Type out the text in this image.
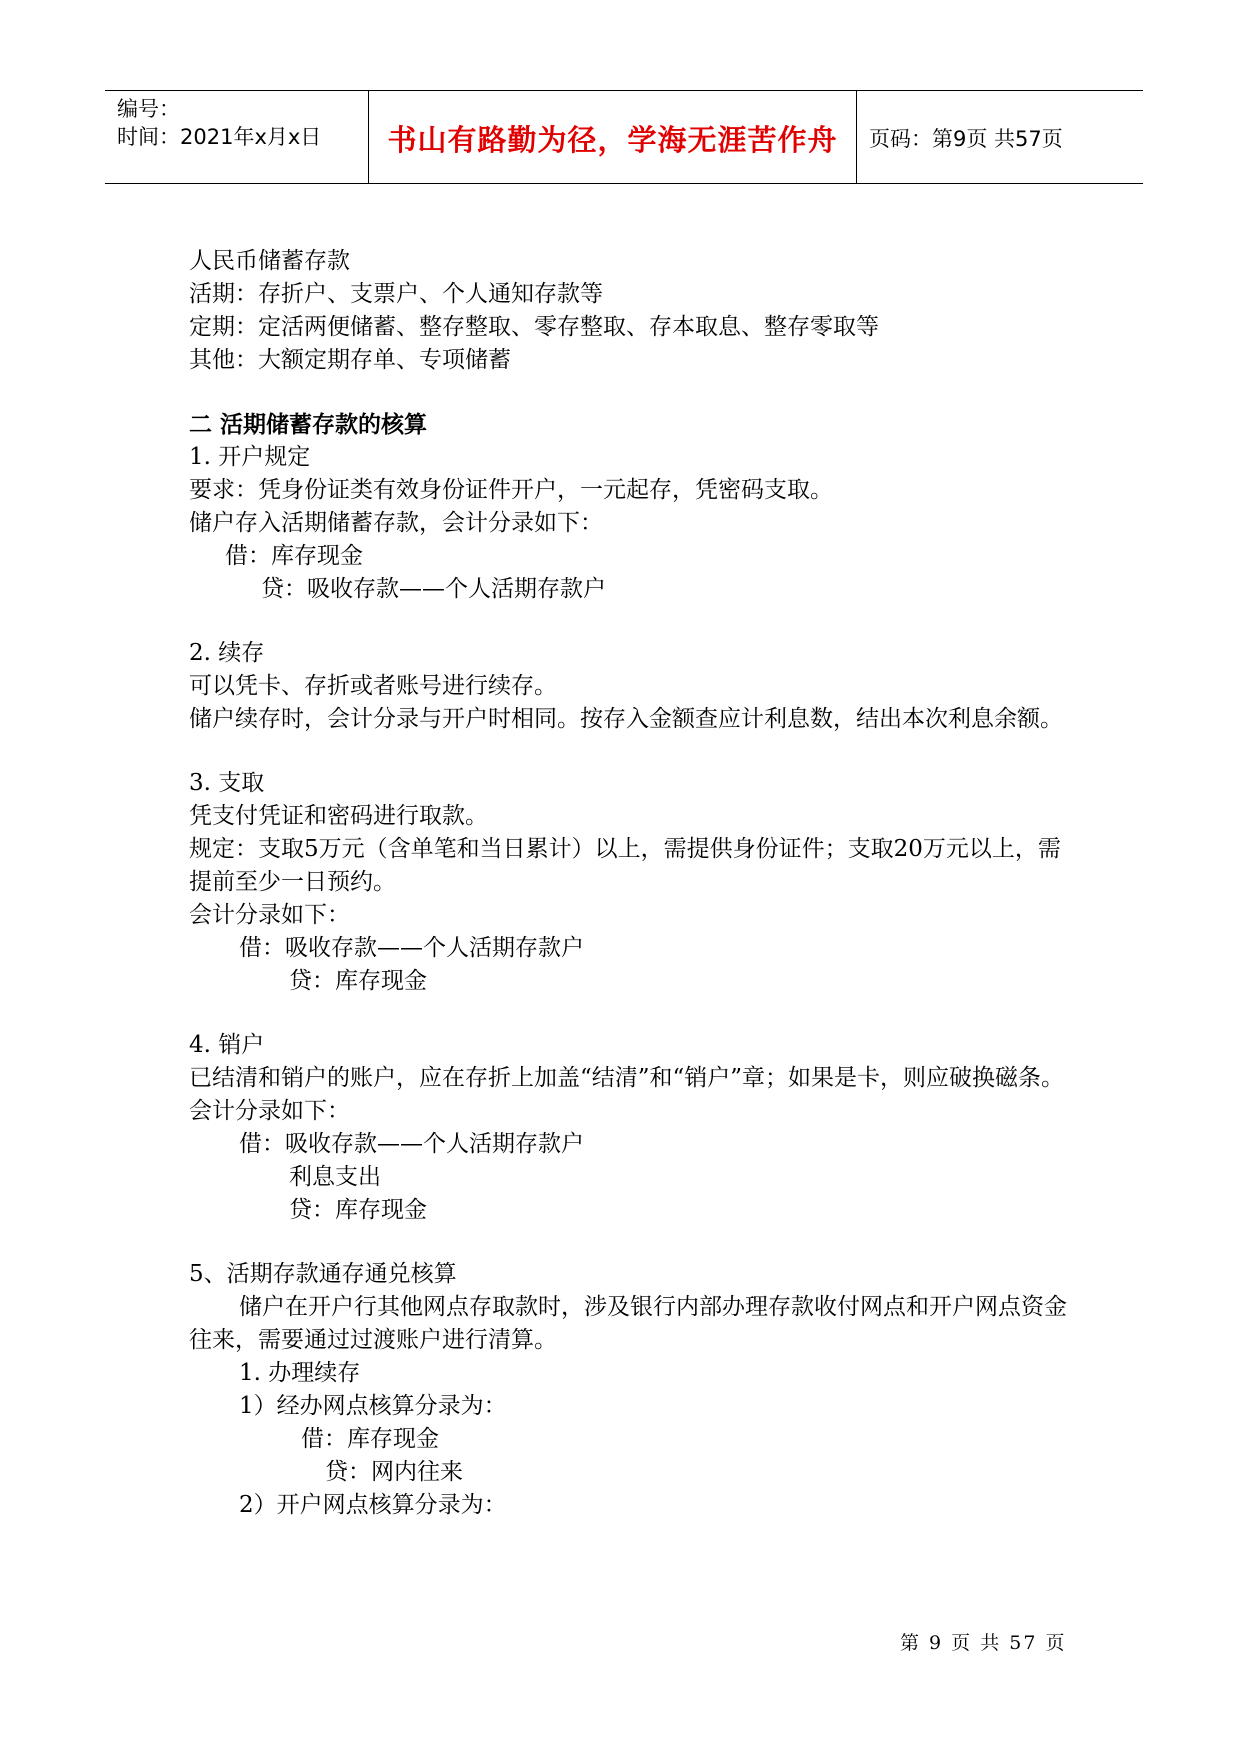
编号：
时间：2021年x月x日	书山有路勤为径，学海无涯苦作舟	页码：第9页 共57页
人民币储蓄存款
活期：存折户、支票户、个人通知存款等
定期：定活两便储蓄、整存整取、零存整取、存本取息、整存零取等
其他：大额定期存单、专项储蓄
二 活期储蓄存款的核算
1. 开户规定
要求：凭身份证类有效身份证件开户，一元起存，凭密码支取。
储户存入活期储蓄存款，会计分录如下：
借：库存现金
贷：吸收存款——个人活期存款户
2. 续存
可以凭卡、存折或者账号进行续存。
储户续存时，会计分录与开户时相同。按存入金额查应计利息数，结出本次利息余额。
3. 支取
凭支付凭证和密码进行取款。
规定：支取5万元（含单笔和当日累计）以上，需提供身份证件；支取20万元以上，需提前至少一日预约。
会计分录如下：
借：吸收存款——个人活期存款户
贷：库存现金
4. 销户
已结清和销户的账户，应在存折上加盖“结清”和“销户”章；如果是卡，则应破换磁条。
会计分录如下：
借：吸收存款——个人活期存款户
利息支出
贷：库存现金
5、活期存款通存通兑核算
储户在开户行其他网点存取款时，涉及银行内部办理存款收付网点和开户网点资金往来，需要通过过渡账户进行清算。
1. 办理续存
1）经办网点核算分录为：
借：库存现金
贷：网内往来
2）开户网点核算分录为：
第 9 页 共 57 页
